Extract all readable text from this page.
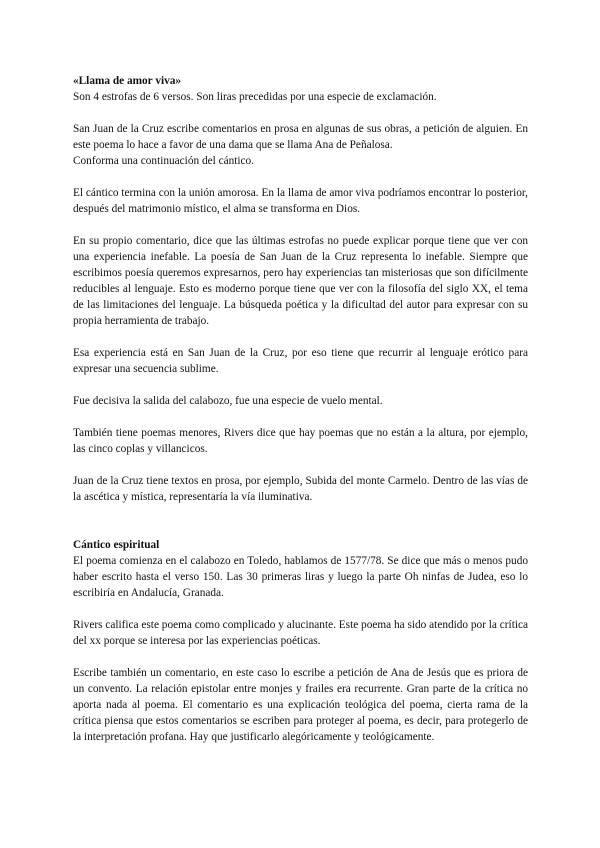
«Llama de amor viva»

Son 4 estrofas de 6 versos. Son liras precedidas por una especie de exclamación.

San Juan de la Cruz escribe comentarios en prosa en algunas de sus obras, a petición de alguien. En este poema lo hace a favor de una dama que se llama Ana de Peñalosa.
Conforma una continuación del cántico.

El cántico termina con la unión amorosa. En la llama de amor viva podríamos encontrar lo posterior, después del matrimonio místico, el alma se transforma en Dios.

En su propio comentario, dice que las últimas estrofas no puede explicar porque tiene que ver con una experiencia inefable. La poesía de San Juan de la Cruz representa lo inefable. Siempre que escribimos poesía queremos expresarnos, pero hay experiencias tan misteriosas que son difícilmente reducibles al lenguaje. Esto es moderno porque tiene que ver con la filosofía del siglo XX, el tema de las limitaciones del lenguaje. La búsqueda poética y la dificultad del autor para expresar con su propia herramienta de trabajo.

Esa experiencia está en San Juan de la Cruz, por eso tiene que recurrir al lenguaje erótico para expresar una secuencia sublime.

Fue decisiva la salida del calabozo, fue una especie de vuelo mental.

También tiene poemas menores, Rivers dice que hay poemas que no están a la altura, por ejemplo, las cinco coplas y villancicos.

Juan de la Cruz tiene textos en prosa, por ejemplo, Subida del monte Carmelo. Dentro de las vías de la ascética y mística, representaría la vía iluminativa.

Cántico espiritual

El poema comienza en el calabozo en Toledo, hablamos de 1577/78. Se dice que más o menos pudo haber escrito hasta el verso 150. Las 30 primeras liras y luego la parte Oh ninfas de Judea, eso lo escribiría en Andalucía, Granada.

Rivers califica este poema como complicado y alucinante. Este poema ha sido atendido por la crítica del xx porque se interesa por las experiencias poéticas.

Escribe también un comentario, en este caso lo escribe a petición de Ana de Jesús que es priora de un convento. La relación epistolar entre monjes y frailes era recurrente. Gran parte de la crítica no aporta nada al poema. El comentario es una explicación teológica del poema, cierta rama de la crítica piensa que estos comentarios se escriben para proteger al poema, es decir, para protegerlo de la interpretación profana. Hay que justificarlo alegóricamente y teológicamente.
